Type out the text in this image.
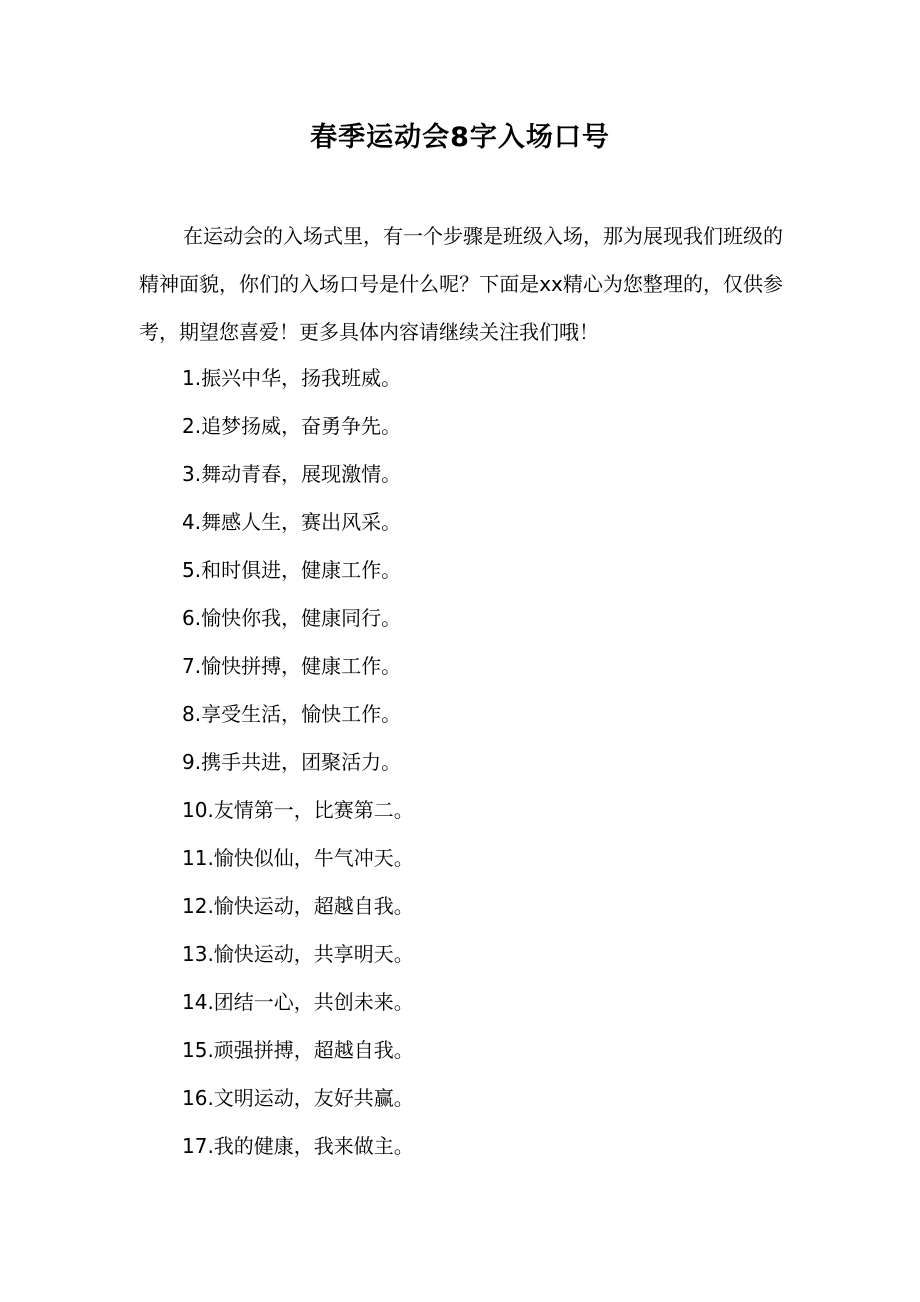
春季运动会8字入场口号

在运动会的入场式里，有一个步骤是班级入场，那为展现我们班级的精神面貌，你们的入场口号是什么呢？下面是xx精心为您整理的，仅供参考，期望您喜爱！更多具体内容请继续关注我们哦！

1.振兴中华，扬我班威。
2.追梦扬威，奋勇争先。
3.舞动青春，展现激情。
4.舞感人生，赛出风采。
5.和时俱进，健康工作。
6.愉快你我，健康同行。
7.愉快拼搏，健康工作。
8.享受生活，愉快工作。
9.携手共进，团聚活力。
10.友情第一，比赛第二。
11.愉快似仙，牛气冲天。
12.愉快运动，超越自我。
13.愉快运动，共享明天。
14.团结一心，共创未来。
15.顽强拼搏，超越自我。
16.文明运动，友好共赢。
17.我的健康，我来做主。
